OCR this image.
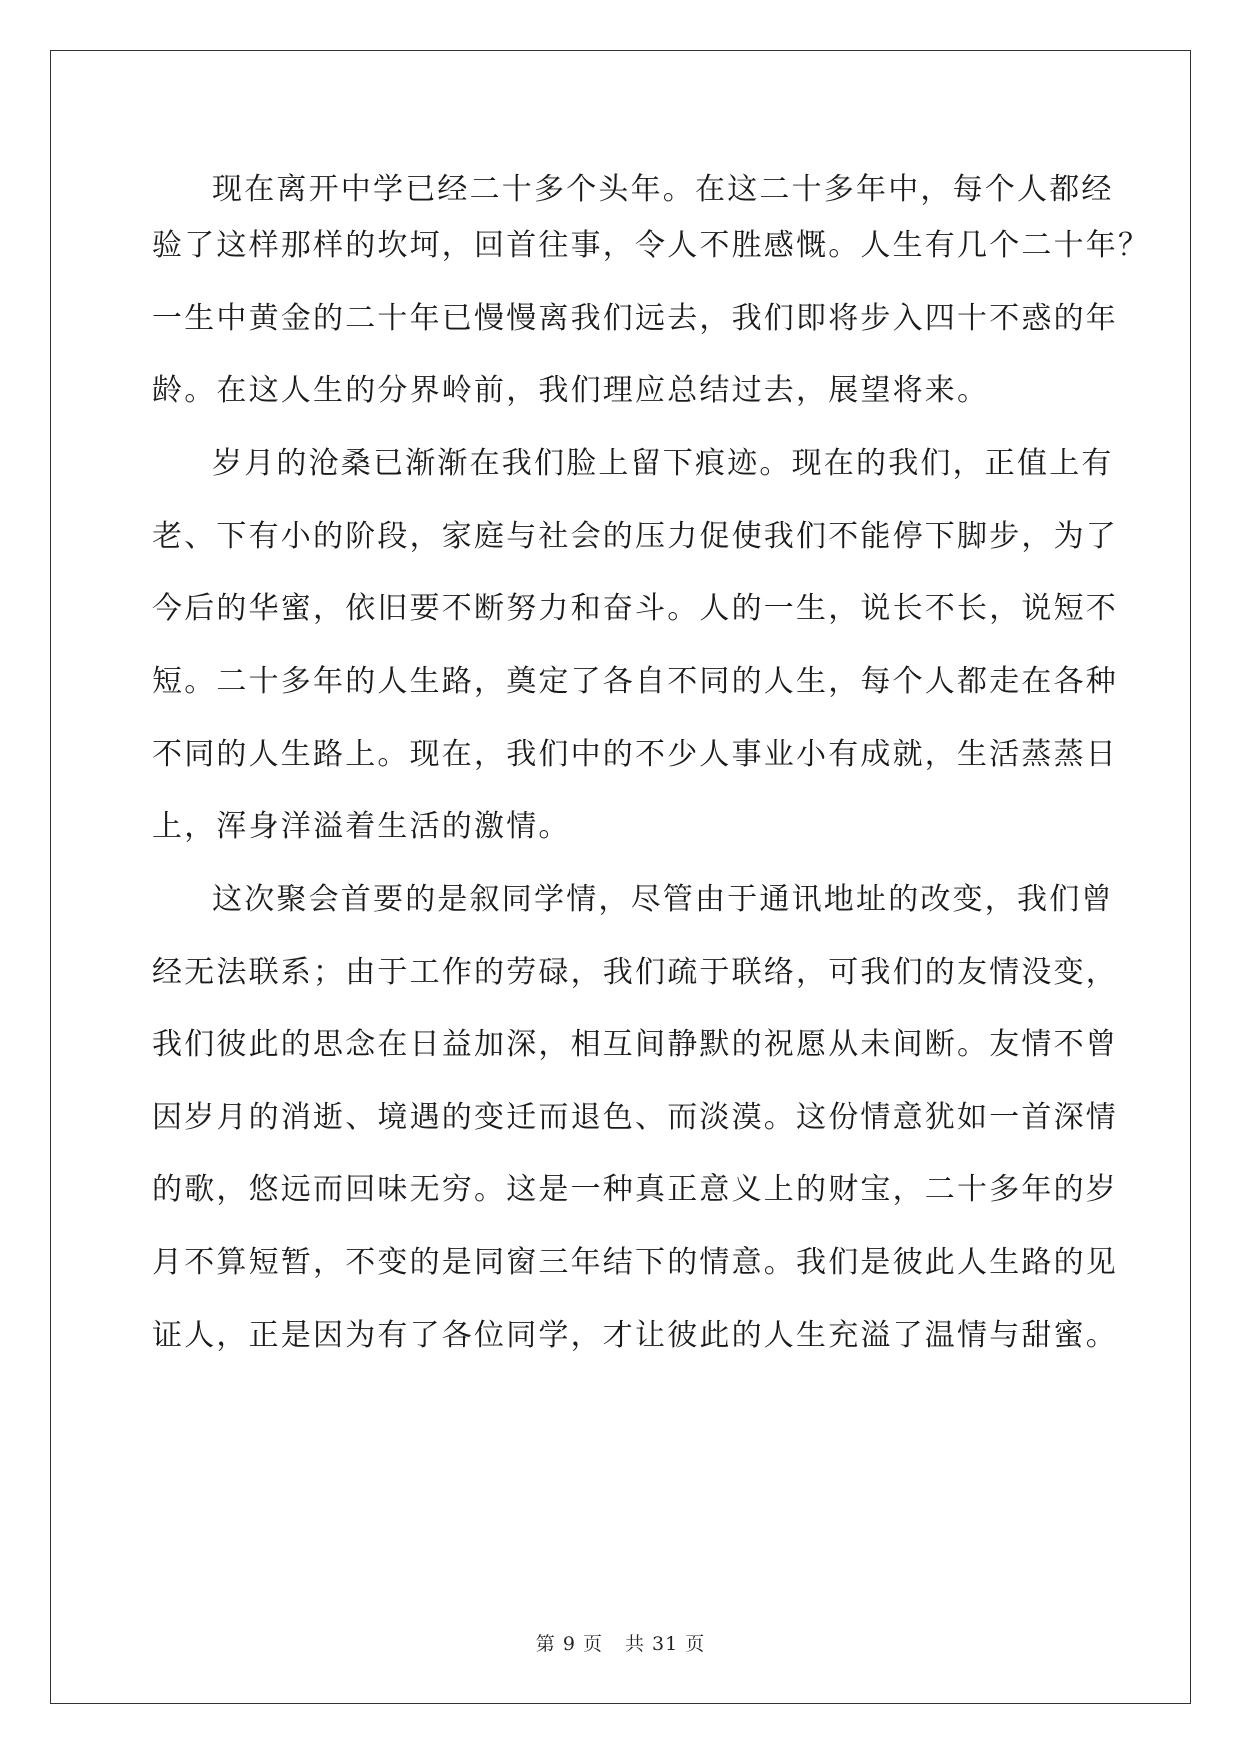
现在离开中学已经二十多个头年。在这二十多年中，每个人都经
验了这样那样的坎坷，回首往事，令人不胜感慨。人生有几个二十年？
一生中黄金的二十年已慢慢离我们远去，我们即将步入四十不惑的年
龄。在这人生的分界岭前，我们理应总结过去，展望将来。
岁月的沧桑已渐渐在我们脸上留下痕迹。现在的我们，正值上有
老、下有小的阶段，家庭与社会的压力促使我们不能停下脚步，为了
今后的华蜜，依旧要不断努力和奋斗。人的一生，说长不长，说短不
短。二十多年的人生路，奠定了各自不同的人生，每个人都走在各种
不同的人生路上。现在，我们中的不少人事业小有成就，生活蒸蒸日
上，浑身洋溢着生活的激情。
这次聚会首要的是叙同学情，尽管由于通讯地址的改变，我们曾
经无法联系；由于工作的劳碌，我们疏于联络，可我们的友情没变，
我们彼此的思念在日益加深，相互间静默的祝愿从未间断。友情不曾
因岁月的消逝、境遇的变迁而退色、而淡漠。这份情意犹如一首深情
的歌，悠远而回味无穷。这是一种真正意义上的财宝，二十多年的岁
月不算短暂，不变的是同窗三年结下的情意。我们是彼此人生路的见
证人，正是因为有了各位同学，才让彼此的人生充溢了温情与甜蜜。
第 9 页 共 31 页
